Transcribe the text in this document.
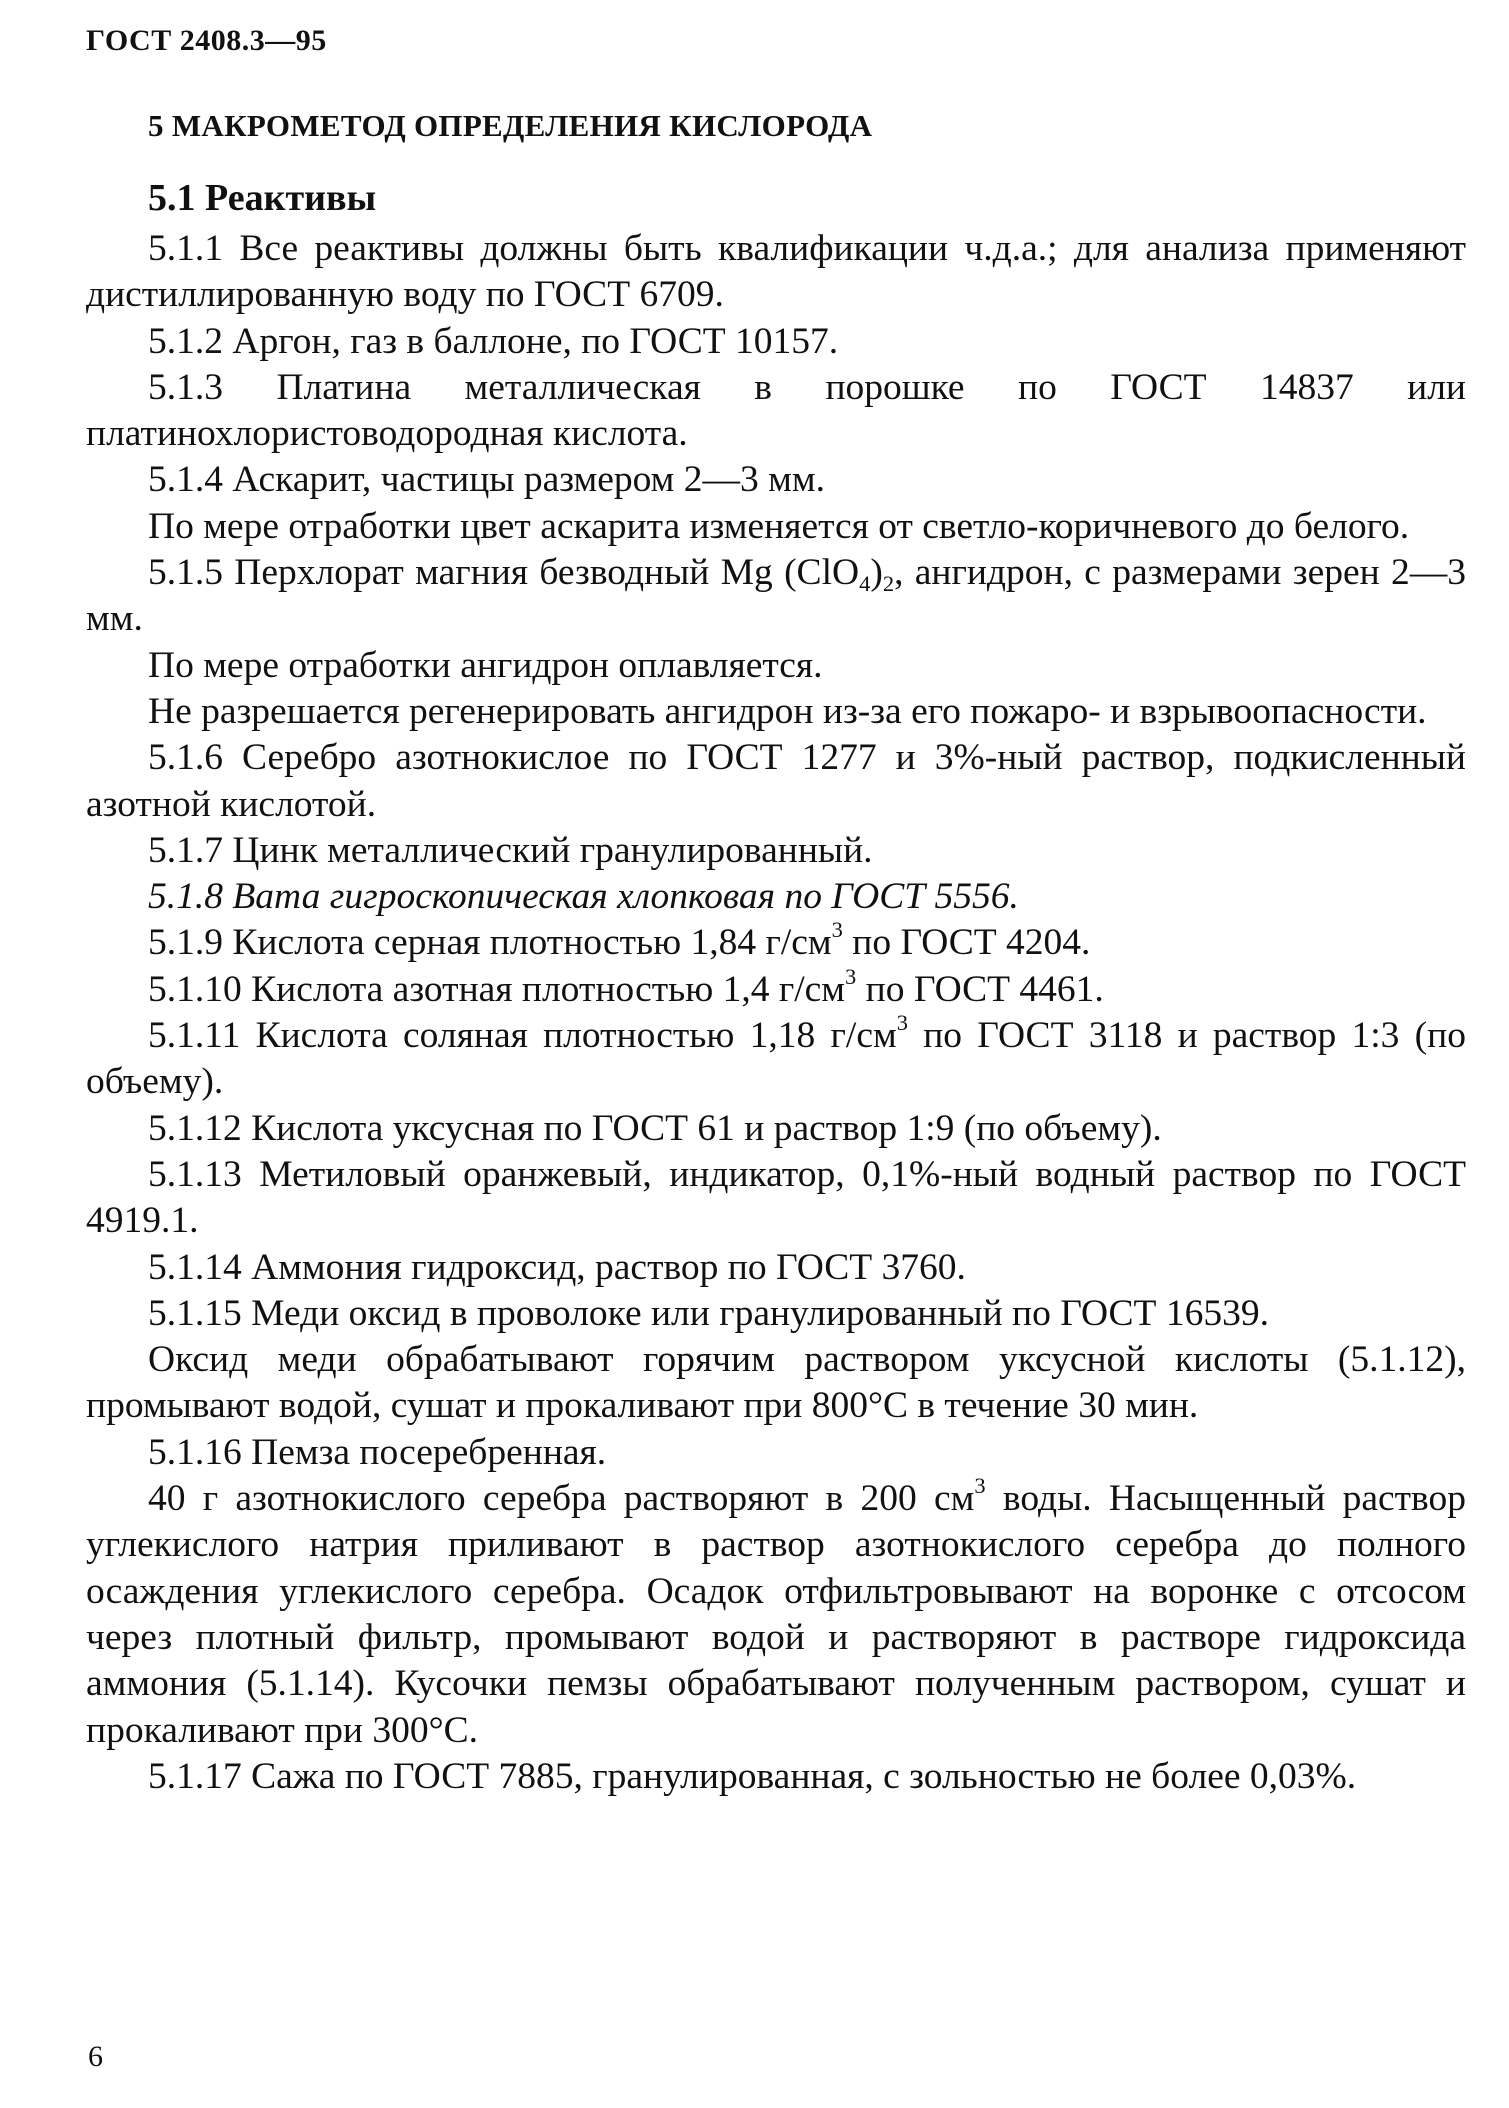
ГОСТ 2408.3—95
5 МАКРОМЕТОД ОПРЕДЕЛЕНИЯ КИСЛОРОДА
5.1 Реактивы

5.1.1 Все реактивы должны быть квалификации ч.д.а.; для анализа применяют дистиллированную воду по ГОСТ 6709.

5.1.2 Аргон, газ в баллоне, по ГОСТ 10157.

5.1.3 Платина металлическая в порошке по ГОСТ 14837 или платинохлористоводородная кислота.

5.1.4 Аскарит, частицы размером 2—3 мм.

По мере отработки цвет аскарита изменяется от светло-коричневого до белого.

5.1.5 Перхлорат магния безводный Mg $(ClO_4)_2$, ангидрон, с размерами зерен 2—3 мм.

По мере отработки ангидрон оплавляется.

Не разрешается регенерировать ангидрон из-за его пожаро- и взрывоопасности.

5.1.6 Серебро азотнокислое по ГОСТ 1277 и 3%-ный раствор, подкисленный азотной кислотой.

5.1.7 Цинк металлический гранулированный.

5.1.8 Вата гигроскопическая хлопковая по ГОСТ 5556.

5.1.9 Кислота серная плотностью 1,84 $г/см^3$ по ГОСТ 4204.

5.1.10 Кислота азотная плотностью 1,4 $г/см^3$ по ГОСТ 4461.

5.1.11 Кислота соляная плотностью 1,18 $г/см^3$ по ГОСТ 3118 и раствор 1:3 (по объему).

5.1.12 Кислота уксусная по ГОСТ 61 и раствор 1:9 (по объему).

5.1.13 Метиловый оранжевый, индикатор, 0,1%-ный водный раствор по ГОСТ 4919.1.

5.1.14 Аммония гидроксид, раствор по ГОСТ 3760.

5.1.15 Меди оксид в проволоке или гранулированный по ГОСТ 16539.

Оксид меди обрабатывают горячим раствором уксусной кислоты (5.1.12), промывают водой, сушат и прокаливают при 800°С в течение 30 мин.

5.1.16 Пемза посеребренная.

40 г азотнокислого серебра растворяют в 200 $см^3$ воды. Насыщенный раствор углекислого натрия приливают в раствор азотнокислого серебра до полного осаждения углекислого серебра. Осадок отфильтровывают на воронке с отсосом через плотный фильтр, промывают водой и растворяют в растворе гидроксида аммония (5.1.14). Кусочки пемзы обрабатывают полученным раствором, сушат и прокаливают при 300°С.

5.1.17 Сажа по ГОСТ 7885, гранулированная, с зольностью не более 0,03%.

6
